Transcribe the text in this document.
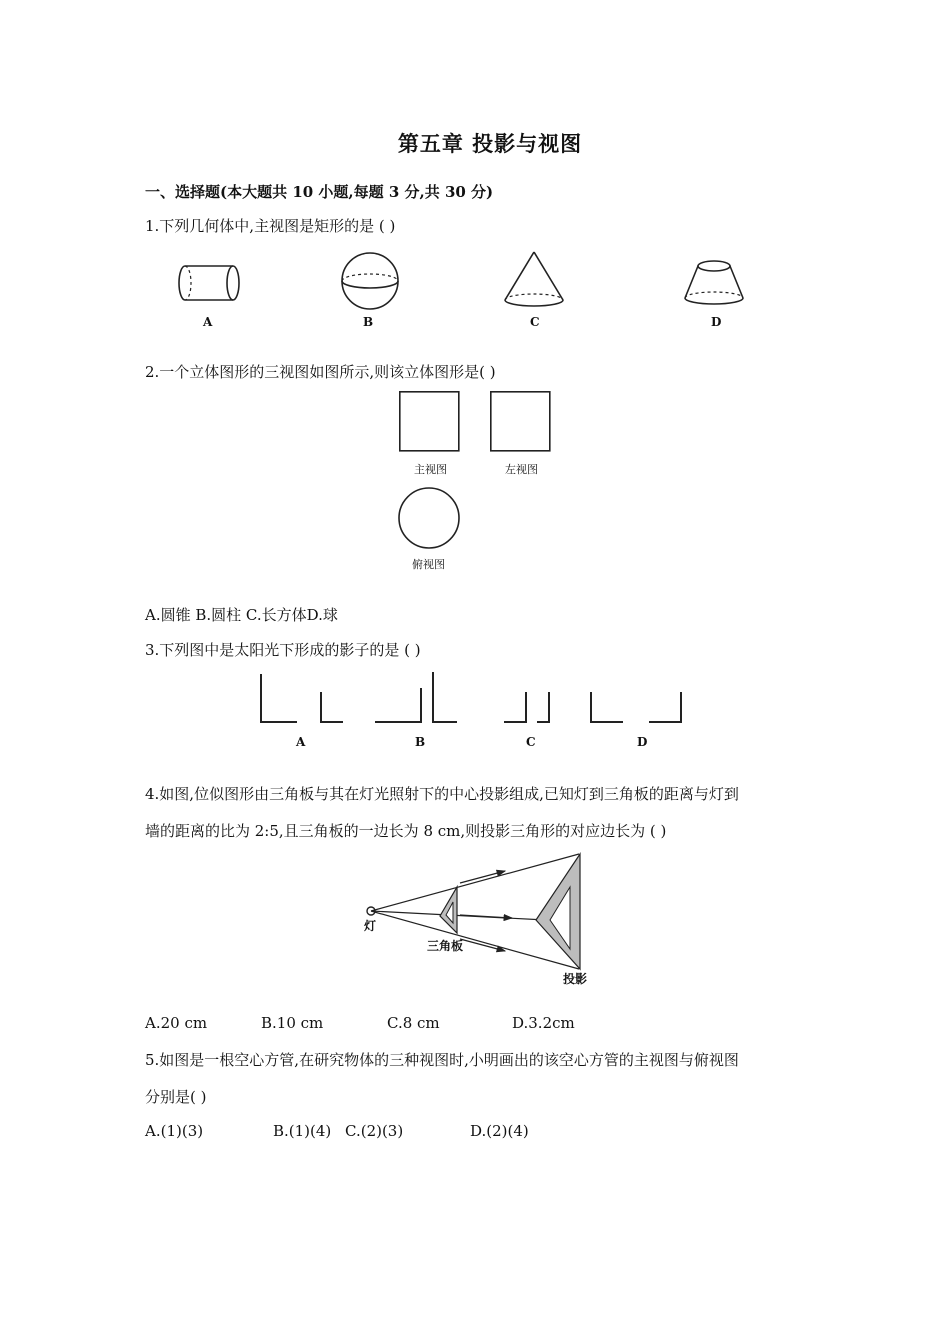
第五章 投影与视图
一、选择题(本大题共 10 小题,每题 3 分,共 30 分)
1.下列几何体中,主视图是矩形的是 ( )
A	B	C	D
2.一个立体图形的三视图如图所示,则该立体图形是( )
主视图	左视图
俯视图
A.圆锥 B.圆柱 C.长方体D.球
3.下列图中是太阳光下形成的影子的是 ( )
A	B	C	D
4.如图,位似图形由三角板与其在灯光照射下的中心投影组成,已知灯到三角板的距离与灯到
墙的距离的比为 2:5,且三角板的一边长为 8 cm,则投影三角形的对应边长为 ( )
灯
三角板
投影
A.20 cm	B.10 cm	C.8 cm	D.3.2cm
5.如图是一根空心方管,在研究物体的三种视图时,小明画出的该空心方管的主视图与俯视图
分别是( )
A.(1)(3)	B.(1)(4) C.(2)(3)	D.(2)(4)
